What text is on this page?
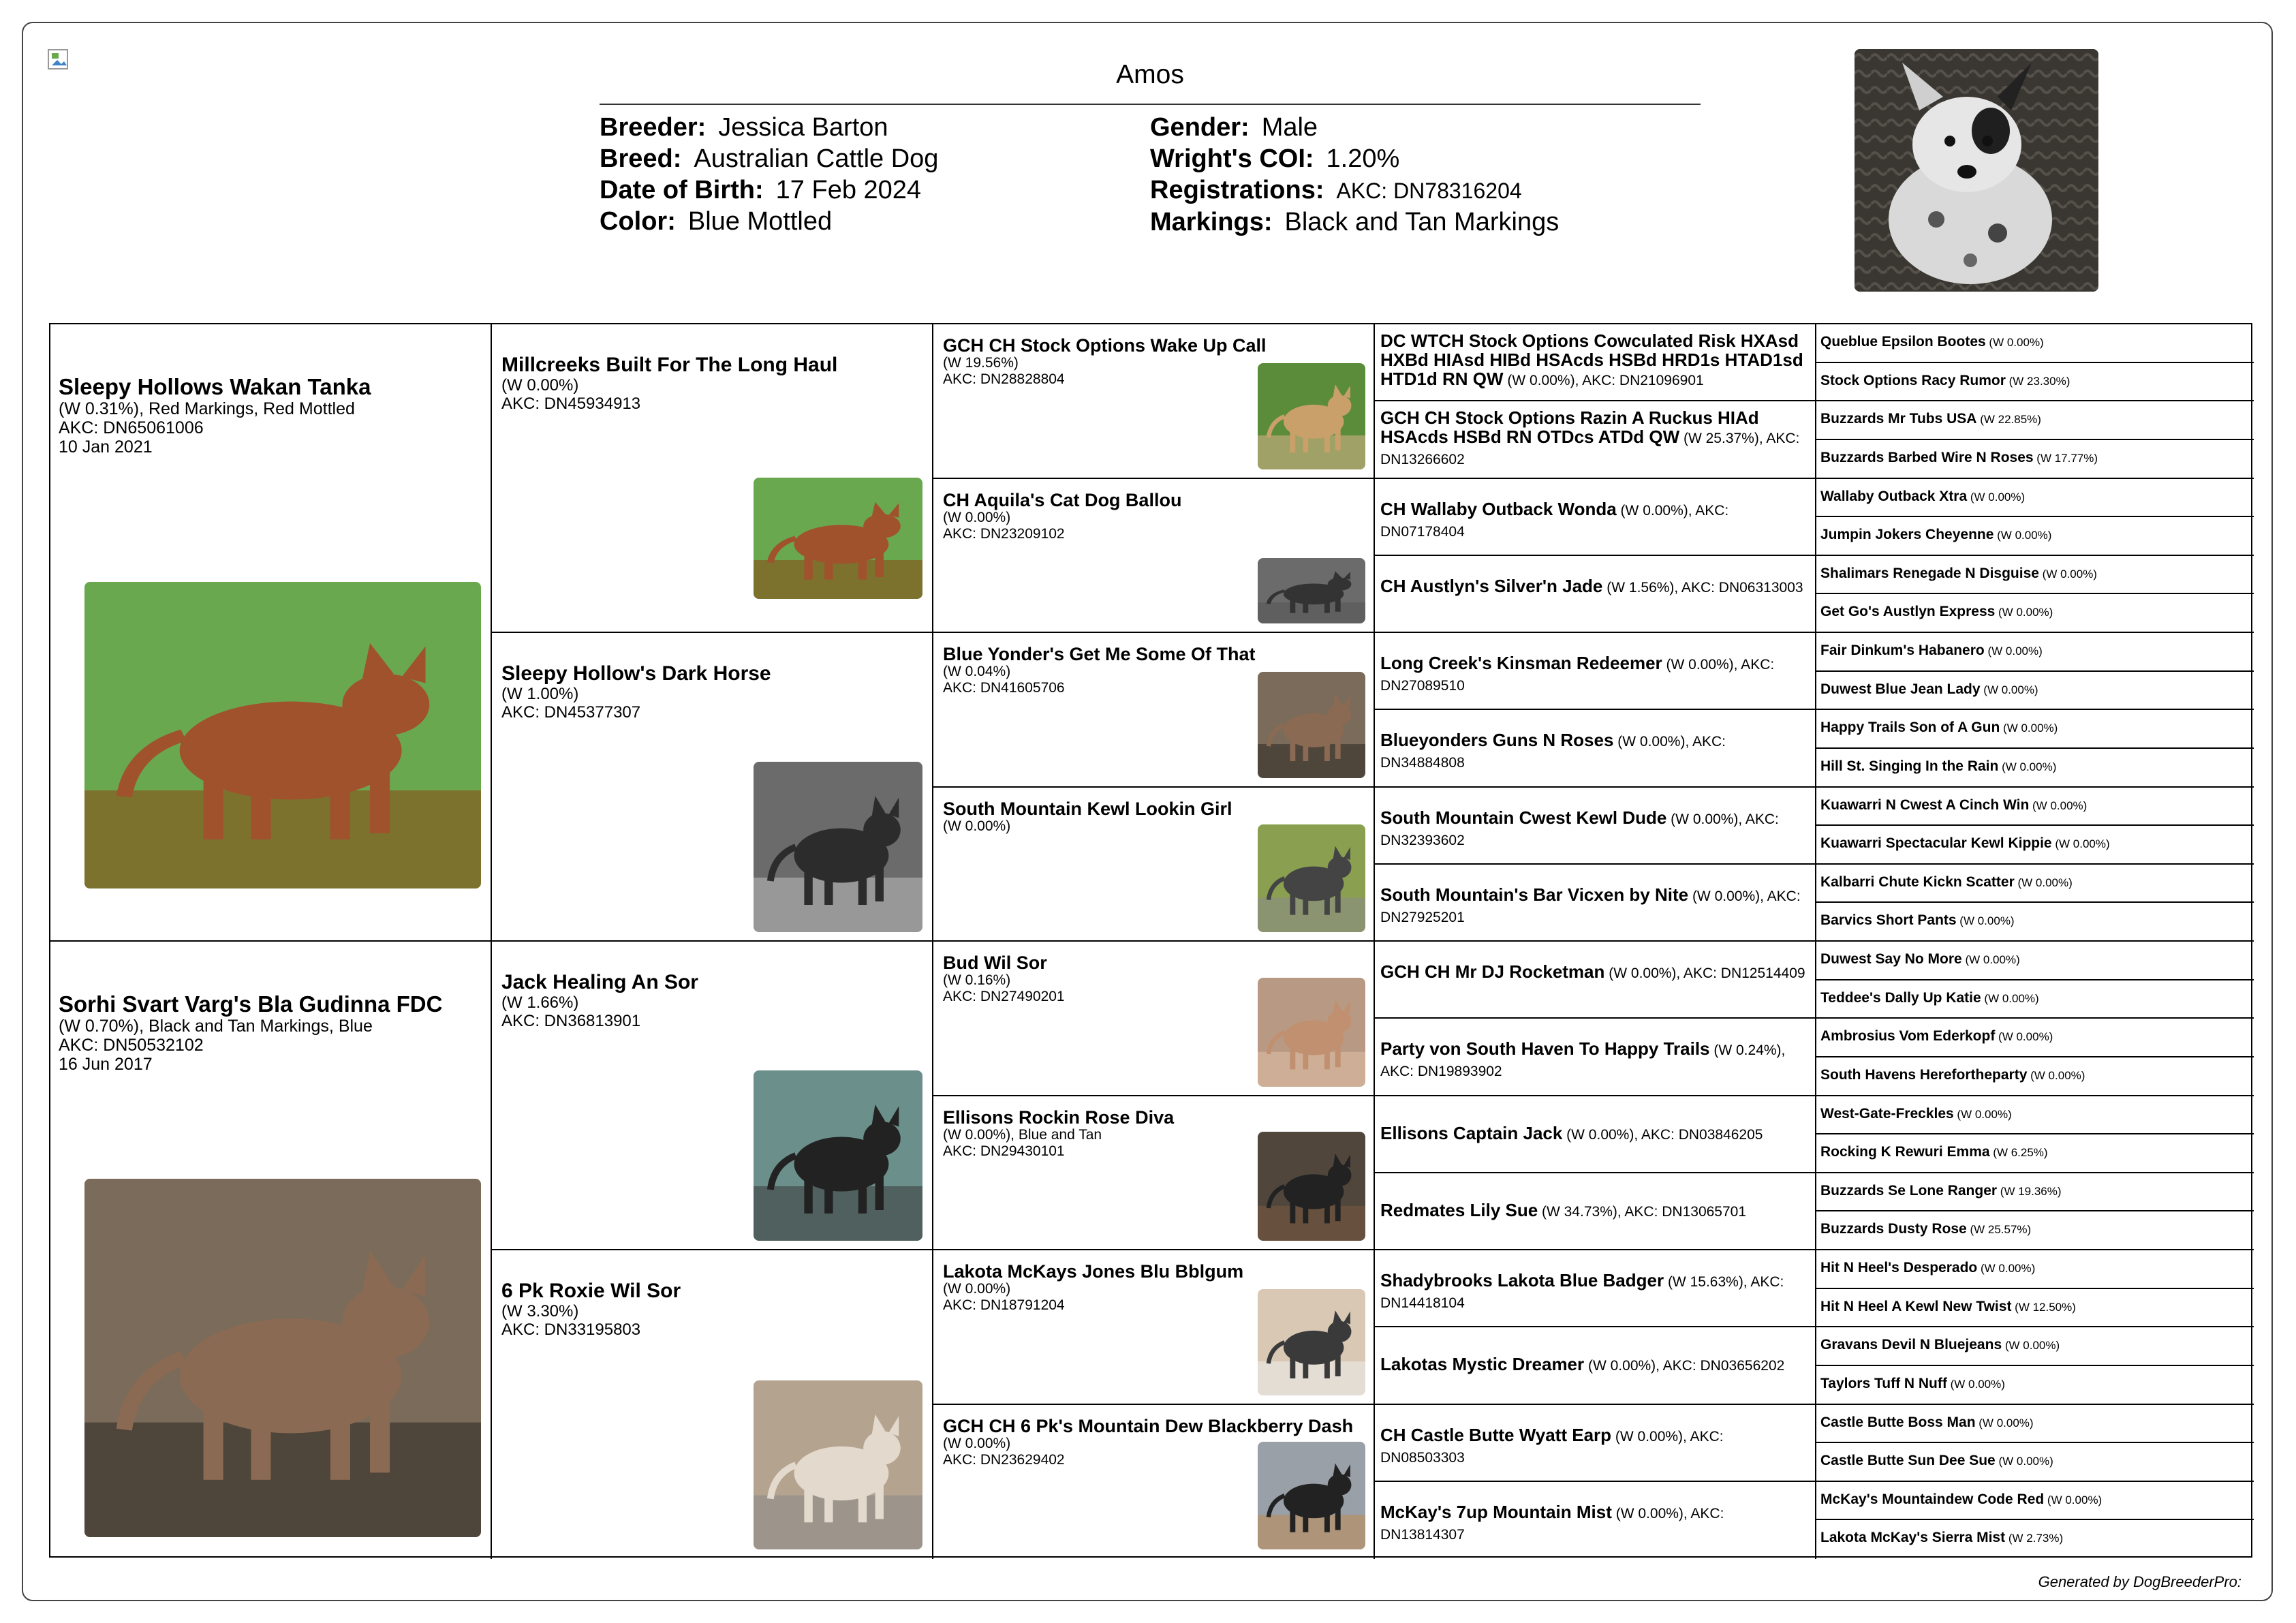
Amos
Breeder: Jessica Barton
Breed: Australian Cattle Dog
Date of Birth: 17 Feb 2024
Color: Blue Mottled
Gender: Male
Wright's COI: 1.20%
Registrations: AKC: DN78316204
Markings: Black and Tan Markings
Sleepy Hollows Wakan Tanka
(W 0.31%), Red Markings, Red Mottled
AKC: DN65061006
10 Jan 2021
Sorhi Svart Varg's Bla Gudinna FDC
(W 0.70%), Black and Tan Markings, Blue
AKC: DN50532102
16 Jun 2017
Millcreeks Built For The Long Haul
(W 0.00%)
AKC: DN45934913
Sleepy Hollow's Dark Horse
(W 1.00%)
AKC: DN45377307
Jack Healing An Sor
(W 1.66%)
AKC: DN36813901
6 Pk Roxie Wil Sor
(W 3.30%)
AKC: DN33195803
GCH CH Stock Options Wake Up Call
(W 19.56%)
AKC: DN28828804
CH Aquila's Cat Dog Ballou
(W 0.00%)
AKC: DN23209102
Blue Yonder's Get Me Some Of That
(W 0.04%)
AKC: DN41605706
South Mountain Kewl Lookin Girl
(W 0.00%)
Bud Wil Sor
(W 0.16%)
AKC: DN27490201
Ellisons Rockin Rose Diva
(W 0.00%), Blue and Tan
AKC: DN29430101
Lakota McKays Jones Blu Bblgum
(W 0.00%)
AKC: DN18791204
GCH CH 6 Pk's Mountain Dew Blackberry Dash
(W 0.00%)
AKC: DN23629402
DC WTCH Stock Options Cowculated Risk HXAsd HXBd HIAsd HIBd HSAcds HSBd HRD1s HTAD1sd HTD1d RN QW (W 0.00%), AKC: DN21096901
GCH CH Stock Options Razin A Ruckus HIAd HSAcds HSBd RN OTDcs ATDd QW (W 25.37%), AKC: DN13266602
CH Wallaby Outback Wonda (W 0.00%), AKC: DN07178404
CH Austlyn's Silver'n Jade (W 1.56%), AKC: DN06313003
Long Creek's Kinsman Redeemer (W 0.00%), AKC: DN27089510
Blueyonders Guns N Roses (W 0.00%), AKC: DN34884808
South Mountain Cwest Kewl Dude (W 0.00%), AKC: DN32393602
South Mountain's Bar Vicxen by Nite (W 0.00%), AKC: DN27925201
GCH CH Mr DJ Rocketman (W 0.00%), AKC: DN12514409
Party von South Haven To Happy Trails (W 0.24%), AKC: DN19893902
Ellisons Captain Jack (W 0.00%), AKC: DN03846205
Redmates Lily Sue (W 34.73%), AKC: DN13065701
Shadybrooks Lakota Blue Badger (W 15.63%), AKC: DN14418104
Lakotas Mystic Dreamer (W 0.00%), AKC: DN03656202
CH Castle Butte Wyatt Earp (W 0.00%), AKC: DN08503303
McKay's 7up Mountain Mist (W 0.00%), AKC: DN13814307
Queblue Epsilon Bootes (W 0.00%)
Stock Options Racy Rumor (W 23.30%)
Buzzards Mr Tubs USA (W 22.85%)
Buzzards Barbed Wire N Roses (W 17.77%)
Wallaby Outback Xtra (W 0.00%)
Jumpin Jokers Cheyenne (W 0.00%)
Shalimars Renegade N Disguise (W 0.00%)
Get Go's Austlyn Express (W 0.00%)
Fair Dinkum's Habanero (W 0.00%)
Duwest Blue Jean Lady (W 0.00%)
Happy Trails Son of A Gun (W 0.00%)
Hill St. Singing In the Rain (W 0.00%)
Kuawarri N Cwest A Cinch Win (W 0.00%)
Kuawarri Spectacular Kewl Kippie (W 0.00%)
Kalbarri Chute Kickn Scatter (W 0.00%)
Barvics Short Pants (W 0.00%)
Duwest Say No More (W 0.00%)
Teddee's Dally Up Katie (W 0.00%)
Ambrosius Vom Ederkopf (W 0.00%)
South Havens Herefortheparty (W 0.00%)
West-Gate-Freckles (W 0.00%)
Rocking K Rewuri Emma (W 6.25%)
Buzzards Se Lone Ranger (W 19.36%)
Buzzards Dusty Rose (W 25.57%)
Hit N Heel's Desperado (W 0.00%)
Hit N Heel A Kewl New Twist (W 12.50%)
Gravans Devil N Bluejeans (W 0.00%)
Taylors Tuff N Nuff (W 0.00%)
Castle Butte Boss Man (W 0.00%)
Castle Butte Sun Dee Sue (W 0.00%)
McKay's Mountaindew Code Red (W 0.00%)
Lakota McKay's Sierra Mist (W 2.73%)
Generated by DogBreederPro:
